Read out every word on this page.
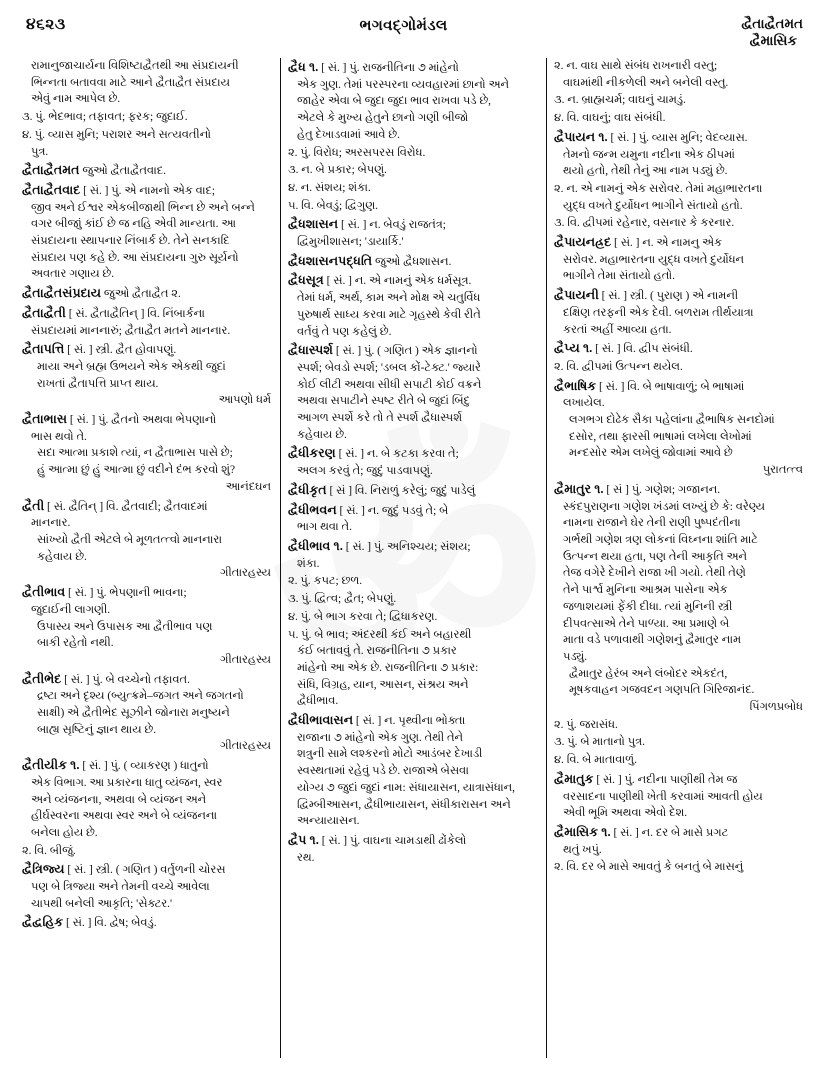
૪૬૨૩	ભગવદ્ગોમંડલ	દ્વૈતાદ્વૈતમત
દ્વૈમાસિક
રામાનુજાચાર્યના વિશિષ્ટાદ્વૈતથી આ સંપ્રદાયની
ભિન્નતા બતાવવા માટે આને દ્વૈતાદ્વૈત સંપ્રદાય
એવું નામ આપેલ છે.
૩. પું. ભેદભાવ; તફાવત; ફરક; જુદાઈ.
૪. પું. વ્યાસ મુનિ; પરાશર અને સત્યવતીનો
પુત્ર.
દ્વૈતાદ્વૈતમત જુઓ દ્વૈતાદ્વૈતવાદ.
દ્વૈતાદ્વૈતવાદ [ સં. ] પું. એ નામનો એક વાદ;
જીવ અને ઈશ્વર એકબીજાથી ભિન્ન છે અને બન્ને
વગર બીજાું કાંઈ છે જ નહિ એવી માન્યતા. આ
સંપ્રદાયના સ્થાપનાર નિંબાર્ક છે. તેને સનકાદિ
સંપ્રદાય પણ કહે છે. આ સંપ્રદાયના ગુરુ સૂર્યનો
અવતાર ગણાય છે.
દ્વૈતાદ્વૈતસંપ્રદાય જુઓ દ્વૈતાદ્વૈત ૨.
દ્વૈતાદ્વૈતી [ સં. દ્વૈતાદ્વૈતિન્ ] વિ. નિંબાર્કના
સંપ્રદાયમાં માનનારું; દ્વૈતાદ્વૈત મતને માનનાર.
દ્વૈતાપત્તિ [ સં. ] સ્ત્રી. દ્વૈત હોવાપણું.
માયા અને બ્રહ્મ ઉભયને એક એકથી જુદાં
રાખતાં દ્વૈતાપત્તિ પ્રાપ્ત થાય.
આપણો ધર્મ
દ્વૈતાભાસ [ સં. ] પું. દ્વૈતનો અથવા ભેપણાનો
ભાસ થવો તે.
સદા આત્મા પ્રકાશે ત્યાં, ન દ્વૈતાભાસ પાસે છે;
હું આત્મા છું હું આત્મા છું વદીને દંભ કરવો શું?
આનંદઘન
દ્વૈતી [ સં. દ્વૈતિન્ ] વિ. દ્વૈતવાદી; દ્વૈતવાદમાં
માનનાર.
સાંખ્યો દ્વૈતી એટલે બે મૂળતત્ત્વો માનનારા
કહેવાય છે.
ગીતારહસ્ય
દ્વૈતીભાવ [ સં. ] પું. ભેપણાની ભાવના;
જુદાઈની લાગણી.
ઉપાસ્ય અને ઉપાસક આ દ્વૈતીભાવ પણ
બાકી રહેતો નથી.
ગીતારહસ્ય
દ્વૈતીભેદ [ સં. ] પું. બે વચ્ચેનો તફાવત.
દ્રષ્ટા અને દૃશ્ય (બ્યુત્ક્રમે–જગત અને જગતનો
સાક્ષી) એ દ્વૈતીભેદ સૂઝીને જોનારા મનુષ્યને
બાહ્ય સૃષ્ટિનું જ્ઞાન થાય છે.
ગીતારહસ્ય
દ્વૈતીયીક ૧. [ સં. ] પું. ( વ્યાકરણ ) ધાતુનો
એક વિભાગ. આ પ્રકારના ધાતુ વ્યંજન, સ્વર
અને વ્યંજનના, અથવા બે વ્યંજન અને
હીર્ઘસ્વરના અથવા સ્વર અને બે વ્યંજનના
બનેલા હોય છે.
૨. વિ. બીજું.
દ્વૈત્રિજ્ય [ સં. ] સ્ત્રી. ( ગણિત ) વર્તુળની ચોરસ
પણ બે ત્રિજ્યા અને તેમની વચ્ચે આવેલા
ચાપથી બનેલી આકૃતિ; 'સેક્ટર.'
દ્વૈદ્વહિક [ સં. ] વિ. દ્વેષ; બેવડું.
દ્વૈધ ૧. [ સં. ] પું. રાજનીતિના ૭ માંહેનો
એક ગુણ. તેમાં પરસ્પરના વ્યવહારમાં છાનો અને
જાહેર એવા બે જુદા જુદા ભાવ રાખવા પડે છે,
એટલે કે મુખ્ય હેતુને છાનો ગણી બીજો
હેતુ દેખાડવામાં આવે છે.
૨. પું. વિરોધ; અરસપરસ વિરોધ.
૩. ન. બે પ્રકાર; બેપણું.
૪. ન. સંશય; શંકા.
૫. વિ. બેવડું; દ્વિગુણ.
દ્વૈધશાસન [ સં. ] ન. બેવડું રાજતંત્ર;
દ્વિમુખીશાસન; 'ડાયાર્કિ.'
દ્વૈધશાસનપદ્ધતિ જુઓ દ્વૈધશાસન.
દ્વૈધસૂત્ર [ સં. ] ન. એ નામનું એક ધર્મસૂત્ર.
તેમાં ધર્મ, અર્થ, કામ અને મોક્ષ એ ચતુર્વિધ
પુરુષાર્થ સાધ્ય કરવા માટે ગૃહસ્થે કેવી રીતે
વર્તવું તે પણ કહેલું છે.
દ્વૈધાસ્પર્શ [ સં. ] પું. ( ગણિત ) એક જ્ઞાનનો
સ્પર્શ; બેવડો સ્પર્શ; 'ડબલ કોં-ટેક્ટ.' જ્યારે
કોઈ લીટી અથવા સીધી સપાટી કોઈ વક્રને
અથવા સપાટીને સ્પષ્ટ રીતે બે જુદાં બિંદુ
આગળ સ્પર્શે કરે તો તે સ્પર્શ દ્વૈધાસ્પર્શ
કહેવાય છે.
દ્વૈધીકરણ [ સં. ] ન. બે કટકા કરવા તે;
અલગ કરવું તે; જુદું પાડવાપણું.
દ્વૈધીકૃત [ સં ] વિ. નિરાળું કરેલું; જુદું પાડેલું
દ્વૈધીભવન [ સં. ] ન. જુદું પડવું તે; બે
ભાગ થવા તે.
દ્વૈધીભાવ ૧. [ સં. ] પું. અનિશ્ચય; સંશય;
શંકા.
૨. પું. કપટ; છળ.
૩. પું. દ્વિત્વ; દ્વૈત; બેપણું.
૪. પું. બે ભાગ કરવા તે; દ્વિધાકરણ.
૫. પું. બે ભાવ; અંદરથી કંઈ અને બહારથી
કંઈ બતાવવું તે. રાજનીતિના ૭ પ્રકાર
માંહેનો આ એક છે. રાજનીતિના ૭ પ્રકાર:
સંધિ, વિગ્રહ, યાન, આસન, સંશ્રય અને
દ્વૈધીભાવ.
દ્વૈધીભાવાસન [ સં. ] ન. પૃથ્વીના ભોક્તા
રાજાના ૭ માંહેનો એક ગુણ. તેથી તેને
શત્રુની સામે લશ્કરનો મોટો આડંબર દેખાડી
સ્વસ્થતામાં રહેવું પડે છે. રાજાએ બેસવા
યોગ્ય ૭ જુદાં જુદાં નામ: સંધાયાસન, યાત્રાસંધાન,
દ્વિમ્બીઆસન, દ્વૈધીભાયાસન, સંધીકારાસન અને
અન્યાયાસન.
દ્વૈપ ૧. [ સં. ] પું. વાઘના ચામડાથી ઢોંકેલો
રથ.
૨. ન. વાઘ સાથે સંબંધ રાખનારી વસ્તુ;
વાઘમાંથી નીકળેલી અને બનેલી વસ્તુ.
૩. ન. બ્રાહ્મચર્મ; વાઘનું ચામડું.
૪. વિ. વાઘનું; વાઘ સંબંધી.
દ્વૈપાયન ૧. [ સં. ] પું. વ્યાસ મુનિ; વેદવ્યાસ.
તેમનો જન્મ યમુના નદીના એક ઠીપમાં
થયો હતો, તેથી તેનું આ નામ પડ્યું છે.
૨. ન. એ નામનું એક સરોવર. તેમાં મહાભારતના
યુદ્ધ વખતે દુર્યોધન ભાગીને સંતાયો હતો.
૩. વિ. દ્વીપમાં રહેનાર, વસનાર કે કરનાર.
દ્વૈપાયનહ્રદ [ સં. ] ન. એ નામનુ એક
સરોવર. મહાભારતના યુદ્ધ વખતે દુર્યોધન
ભાગીને તેમા સંતાયો હતો.
દ્વૈપાયની [ સં. ] સ્ત્રી. ( પુરાણ ) એ નામની
દક્ષિણ તરફની એક દેવી. બળરામ તીર્થયાત્રા
કરતાં અહીં આવ્યા હતા.
દ્વૈપ્ય ૧. [ સં. ] વિ. દ્વીપ સંબંધી.
૨. વિ. દ્વીપમાં ઉત્પન્ન થયેલ.
દ્વૈભાષિક [ સં. ] વિ. બે ભાષાવાળું; બે ભાષામાં
લખાયેલ.
લગભગ દોઢેક સૈકા પહેલાંના દ્વૈભાષિક સનદોમાં
દસોર, તથા ફારસી ભાષામાં લખેલા લેખોમાં
મન્દસોર એમ લખેલું જોવામાં આવે છે
પુરાતત્ત્વ
દ્વૈમાતુર ૧. [ સં ] પું. ગણેશ; ગજાનન.
સ્કંદપુરાણના ગણેશ ખંડમાં લખ્યું છે કે: વરેણ્ય
નામના રાજાને ઘેર તેની રાણી પુષ્પદંતીના
ગર્ભથી ગણેશ ત્રણ લોકનાં વિઘ્નના શાંતિ માટે
ઉત્પન્ન થયા હતા, પણ તેની આકૃતિ અને
તેજ વગેરે દેખીને રાજા ખી ગયો. તેથી તેણે
તેને પાર્શ્વ મુનિના આશ્રમ પાસેના એક
જળાશયમાં ફેંકી દીધા. ત્યાં મુનિની સ્ત્રી
દીપવત્સાએ તેને પાળ્યા. આ પ્રમાણે બે
માતા વડે પળાવાથી ગણેશનું દ્વૈમાતુર નામ
પડ્યું.
દ્વૈમાતુર હેરંબ અને લંબોદર એકદંત,
મૂષકવાહન ગજવદન ગણપતિ ગિરિજાનંદ.
પિંગળપ્રબોધ
૨. પું. જરાસંધ.
૩. પું. બે માતાનો પુત્ર.
૪. વિ. બે માતાવાળું.
દ્વૈમાતુક [ સં. ] પું. નદીના પાણીથી તેમ જ
વરસાદના પાણીથી ખેતી કરવામાં આવતી હોય
એવી ભૂમિ અથવા એવો દેશ.
દ્વૈમાસિક ૧. [ સં. ] ન. દર બે માસે પ્રગટ
થતું ખપું.
૨. વિ. દર બે માસે આવતું કે બનતું બે માસનું
